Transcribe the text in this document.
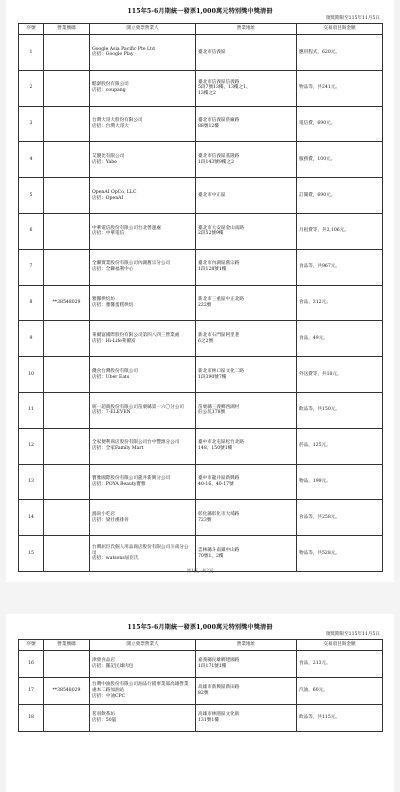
115年5-6月期統一發票1,000萬元特別獎中獎清冊
領獎期限至115年11月5日
序號	營業號碼	開立發票營業人	營業地址	交易項目與金額
1		Google Asia Pacific Pte Ltd
店招：Google Play	臺北市信義區	應用程式，620元。
2		酷澎股份有限公司
店招：coupang	臺北市信義區信義路
5段7號13樓、13樓之1、
13樓之2	物品等，共241元。
3		台灣大哥大股份有限公司
店招：台灣大哥大	臺北市信義區菸廠路
88號12樓	電信費，690元。
4		艾優比有限公司
店招：Yabe	臺北市信義區基隆路
1段143號9樓之2	服務費，100元。
5		OpenAI OpCo, LLC
店招：OpenAI	臺北市中正區	訂閱費，690元。
6		中華電信股份有限公司台北營運處
店招：中華電信	臺北市大安區金山南路
2段52號9樓	月租費等，共2,106元。
7		全聯實業股份有限公司內湖舊宗分公司
店招：全聯福利中心	臺北市內湖區舊宗路
1段128號1樓	食品等，共967元。
8	**38548029	雅馨烘焙坊
店招：雅馨蛋糕烘焙	新北市三重區中正北路
222號	食品，312元。
9		萊爾富國際股份有限公司第四八四三營業處
店招：Hi-Life萊爾富	新北市石門區阿里荖
6之2號	食品，49元。
10		優食台灣股份有限公司
店招：Uber Eats	新北市林口區文化二路
1段390號7樓	外送費等，共10元。
11		統一超商股份有限公司苗栗縣第一六〇分公司
店招：7-ELEVEN	苗栗縣三義鄉西湖村
伯公坑178號	飲品等，共150元。
12		全家便利商店股份有限公司台中豐源分公司
店招：全家Family Mart	臺中市北屯區松竹北路
148、150號1樓	菸品，125元。
13		寶雅國際股份有限公司龍井新興分公司
店招：POYA Beauty寶雅	臺中市龍井區新興路
40-16、40-17號	物品，199元。
14		鴻尚小吃店
店招：梁社漢排骨	彰化縣彰化市大埔路
723號	食品等，共258元。
15		台灣屈臣氏個人用品商店股份有限公司斗南分公司
店招：watsons屈臣氏	雲林縣斗南鎮中山路
70號1、2樓	物品等，共528元。
第1頁，共2頁
115年5-6月期統一發票1,000萬元特別獎中獎清冊
領獎期限至115年11月5日
序號	營業號碼	開立發票營業人	營業地址	交易項目與金額
16		津發食品店
店招：羅記民雄肉包	嘉義縣民雄鄉建國路
1段171號1樓	食品，213元。
17	**38548029	台灣中油股份有限公司油品行銷事業部高雄營業處本二路加油站
店招：中油CPC	高雄市新興區新田路
82號	汽油，60元。
18		茗羽飲茶坊
店招：50嵐	高雄市林園區文化街
131號1樓	飲品等，共115元。
